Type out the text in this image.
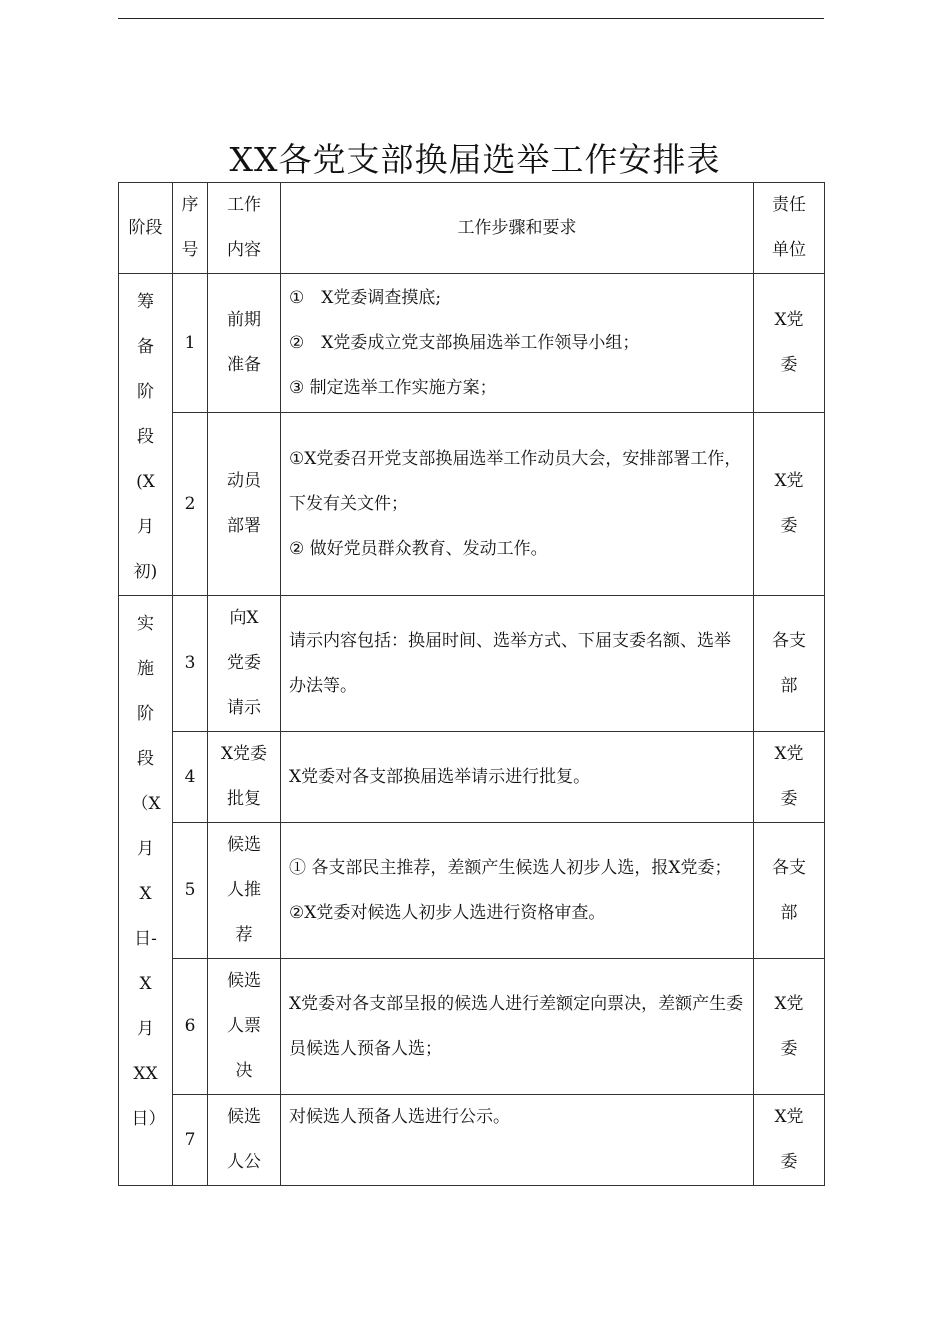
XX各党支部换届选举工作安排表
阶段	序号	工作内容	工作步骤和要求	责任单位

筹备阶段(X月初)	1	前期准备	①　X党委调查摸底;
②　X党委成立党支部换届选举工作领导小组；
③ 制定选举工作实施方案；	X党委

	2	动员部署	①X党委召开党支部换届选举工作动员大会，安排部署工作，下发有关文件；
② 做好党员群众教育、发动工作。	X党委

实施阶段（X月X日-X月XX日）	3	向X党委请示	请示内容包括：换届时间、选举方式、下届支委名额、选举办法等。	各支部

	4	X党委批复	X党委对各支部换届选举请示进行批复。	X党委

	5	候选人推荐	① 各支部民主推荐，差额产生候选人初步人选，报X党委；
②X党委对候选人初步人选进行资格审查。	各支部

	6	候选人票决	X党委对各支部呈报的候选人进行差额定向票决，差额产生委员候选人预备人选；	X党委

	7	候选人公	对候选人预备人选进行公示。	X党委
